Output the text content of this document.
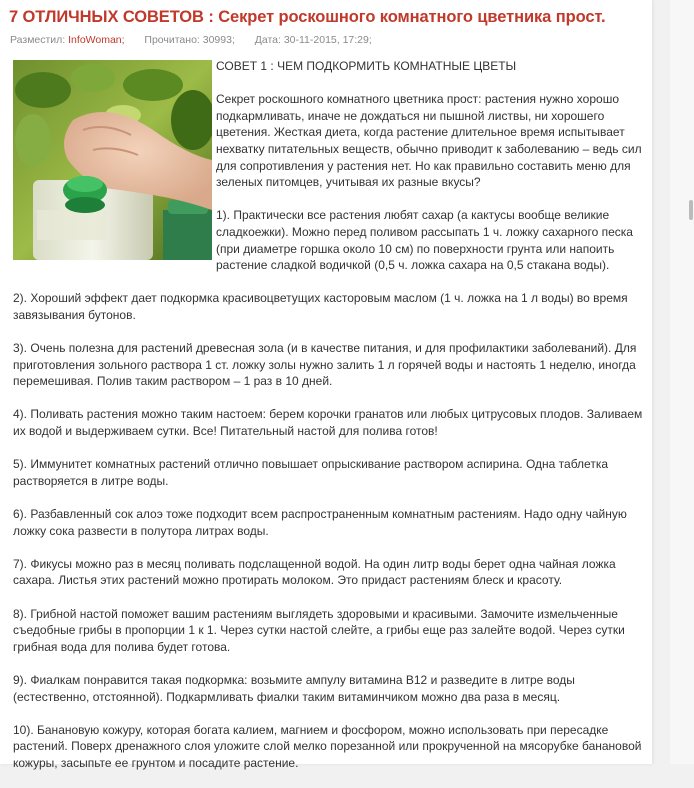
7 ОТЛИЧНЫХ СОВЕТОВ : Секрет роскошного комнатного цветника прост.
Разместил: InfoWoman; Прочитано: 30993; Дата: 30-11-2015, 17:29;

СОВЕТ 1 : ЧЕМ ПОДКОРМИТЬ КОМНАТНЫЕ ЦВЕТЫ

Секрет роскошного комнатного цветника прост: растения нужно хорошо подкармливать, иначе не дождаться ни пышной листвы, ни хорошего цветения. Жесткая диета, когда растение длительное время испытывает нехватку питательных веществ, обычно приводит к заболеванию – ведь сил для сопротивления у растения нет. Но как правильно составить меню для зеленых питомцев, учитывая их разные вкусы?

1). Практически все растения любят сахар (а кактусы вообще великие сладкоежки). Можно перед поливом рассыпать 1 ч. ложку сахарного песка (при диаметре горшка около 10 см) по поверхности грунта или напоить растение сладкой водичкой (0,5 ч. ложка сахара на 0,5 стакана воды).

2). Хороший эффект дает подкормка красивоцветущих касторовым маслом (1 ч. ложка на 1 л воды) во время завязывания бутонов.

3). Очень полезна для растений древесная зола (и в качестве питания, и для профилактики заболеваний). Для приготовления зольного раствора 1 ст. ложку золы нужно залить 1 л горячей воды и настоять 1 неделю, иногда перемешивая. Полив таким раствором – 1 раз в 10 дней.

4). Поливать растения можно таким настоем: берем корочки гранатов или любых цитрусовых плодов. Заливаем их водой и выдерживаем сутки. Все! Питательный настой для полива готов!

5). Иммунитет комнатных растений отлично повышает опрыскивание раствором аспирина. Одна таблетка растворяется в литре воды.

6). Разбавленный сок алоэ тоже подходит всем распространенным комнатным растениям. Надо одну чайную ложку сока развести в полутора литрах воды.

7). Фикусы можно раз в месяц поливать подслащенной водой. На один литр воды берет одна чайная ложка сахара. Листья этих растений можно протирать молоком. Это придаст растениям блеск и красоту.

8). Грибной настой поможет вашим растениям выглядеть здоровыми и красивыми. Замочите измельченные съедобные грибы в пропорции 1 к 1. Через сутки настой слейте, а грибы еще раз залейте водой. Через сутки грибная вода для полива будет готова.

9). Фиалкам понравится такая подкормка: возьмите ампулу витамина В12 и разведите в литре воды (естественно, отстоянной). Подкармливать фиалки таким витаминчиком можно два раза в месяц.

10). Банановую кожуру, которая богата калием, магнием и фосфором, можно использовать при пересадке растений. Поверх дренажного слоя уложите слой мелко порезанной или прокрученной на мясорубке банановой кожуры, засыпьте ее грунтом и посадите растение.
